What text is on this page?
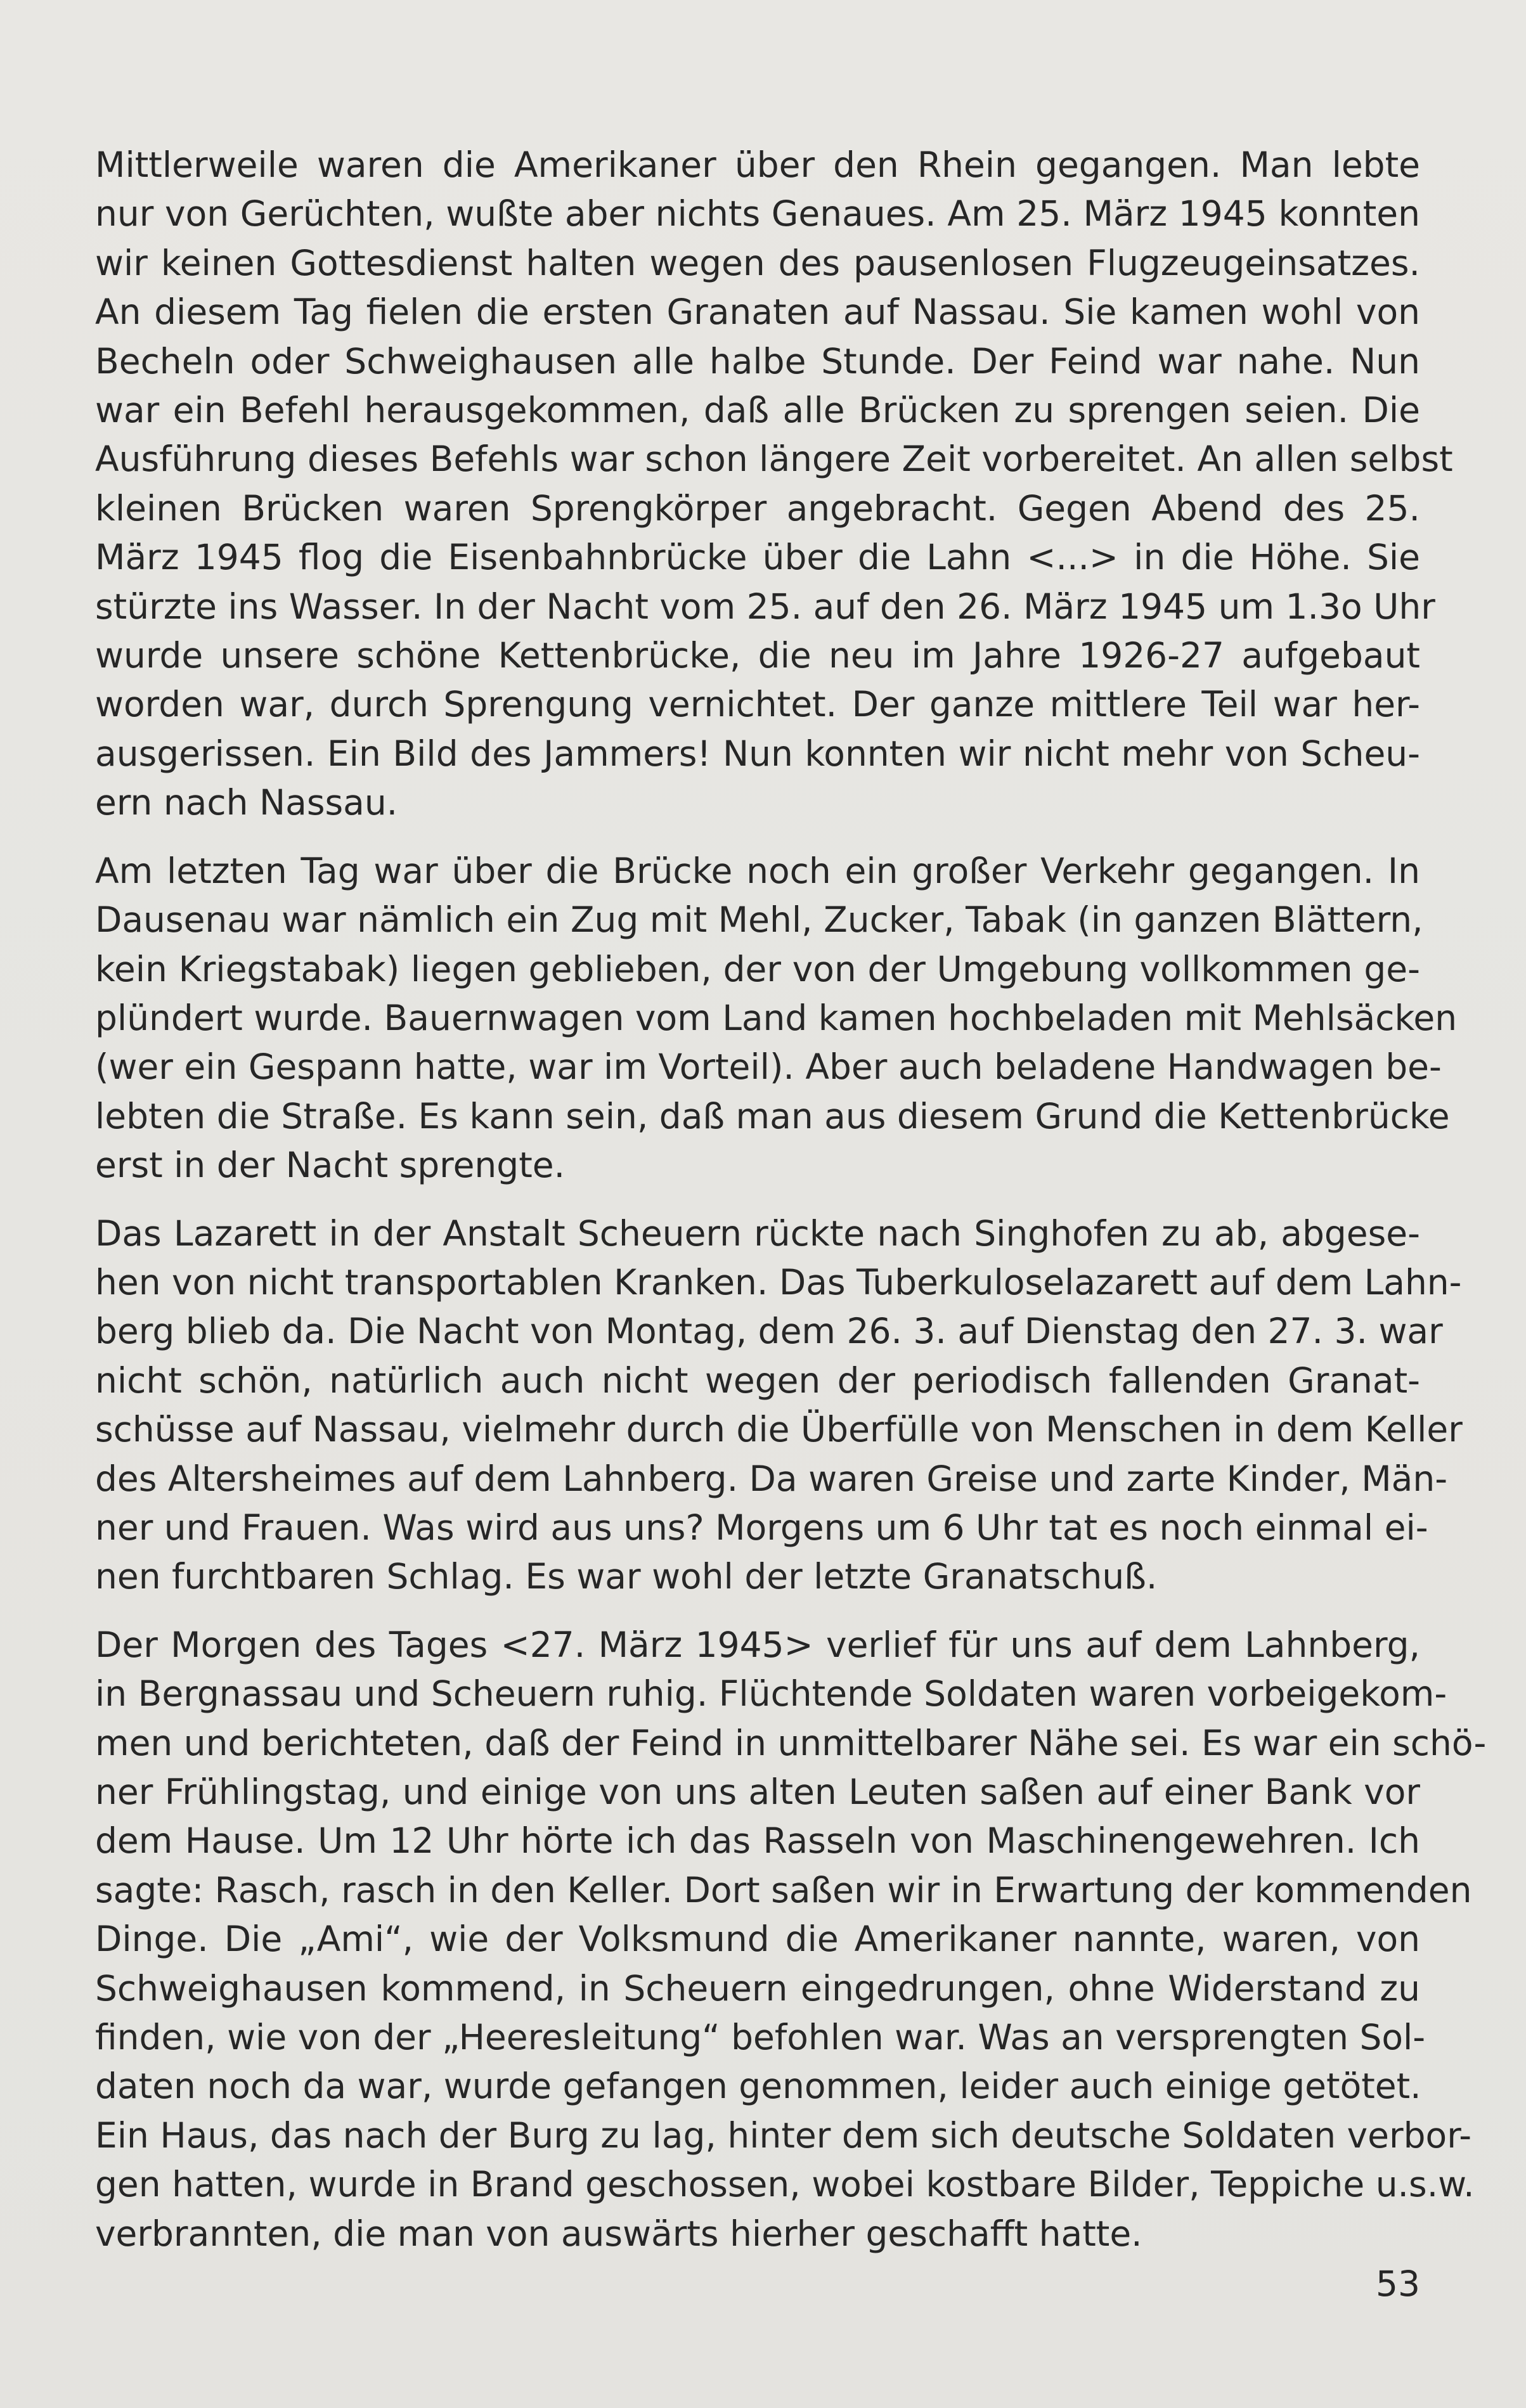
Mittlerweile waren die Amerikaner über den Rhein gegangen. Man lebte
nur von Gerüchten, wußte aber nichts Genaues. Am 25. März 1945 konnten
wir keinen Gottesdienst halten wegen des pausenlosen Flugzeugeinsatzes.
An diesem Tag fielen die ersten Granaten auf Nassau. Sie kamen wohl von
Becheln oder Schweighausen alle halbe Stunde. Der Feind war nahe. Nun
war ein Befehl herausgekommen, daß alle Brücken zu sprengen seien. Die
Ausführung dieses Befehls war schon längere Zeit vorbereitet. An allen selbst
kleinen Brücken waren Sprengkörper angebracht. Gegen Abend des 25.
März 1945 flog die Eisenbahnbrücke über die Lahn <...> in die Höhe. Sie
stürzte ins Wasser. In der Nacht vom 25. auf den 26. März 1945 um 1.3o Uhr
wurde unsere schöne Kettenbrücke, die neu im Jahre 1926-27 aufgebaut
worden war, durch Sprengung vernichtet. Der ganze mittlere Teil war her-
ausgerissen. Ein Bild des Jammers! Nun konnten wir nicht mehr von Scheu-
ern nach Nassau.

Am letzten Tag war über die Brücke noch ein großer Verkehr gegangen. In
Dausenau war nämlich ein Zug mit Mehl, Zucker, Tabak (in ganzen Blättern,
kein Kriegstabak) liegen geblieben, der von der Umgebung vollkommen ge-
plündert wurde. Bauernwagen vom Land kamen hochbeladen mit Mehlsäcken
(wer ein Gespann hatte, war im Vorteil). Aber auch beladene Handwagen be-
lebten die Straße. Es kann sein, daß man aus diesem Grund die Kettenbrücke
erst in der Nacht sprengte.

Das Lazarett in der Anstalt Scheuern rückte nach Singhofen zu ab, abgese-
hen von nicht transportablen Kranken. Das Tuberkuloselazarett auf dem Lahn-
berg blieb da. Die Nacht von Montag, dem 26. 3. auf Dienstag den 27. 3. war
nicht schön, natürlich auch nicht wegen der periodisch fallenden Granat-
schüsse auf Nassau, vielmehr durch die Überfülle von Menschen in dem Keller
des Altersheimes auf dem Lahnberg. Da waren Greise und zarte Kinder, Män-
ner und Frauen. Was wird aus uns? Morgens um 6 Uhr tat es noch einmal ei-
nen furchtbaren Schlag. Es war wohl der letzte Granatschuß.

Der Morgen des Tages <27. März 1945> verlief für uns auf dem Lahnberg,
in Bergnassau und Scheuern ruhig. Flüchtende Soldaten waren vorbeigekom-
men und berichteten, daß der Feind in unmittelbarer Nähe sei. Es war ein schö-
ner Frühlingstag, und einige von uns alten Leuten saßen auf einer Bank vor
dem Hause. Um 12 Uhr hörte ich das Rasseln von Maschinengewehren. Ich
sagte: Rasch, rasch in den Keller. Dort saßen wir in Erwartung der kommenden
Dinge. Die „Ami“, wie der Volksmund die Amerikaner nannte, waren, von
Schweighausen kommend, in Scheuern eingedrungen, ohne Widerstand zu
finden, wie von der „Heeresleitung“ befohlen war. Was an versprengten Sol-
daten noch da war, wurde gefangen genommen, leider auch einige getötet.
Ein Haus, das nach der Burg zu lag, hinter dem sich deutsche Soldaten verbor-
gen hatten, wurde in Brand geschossen, wobei kostbare Bilder, Teppiche u.s.w.
verbrannten, die man von auswärts hierher geschafft hatte.

53
